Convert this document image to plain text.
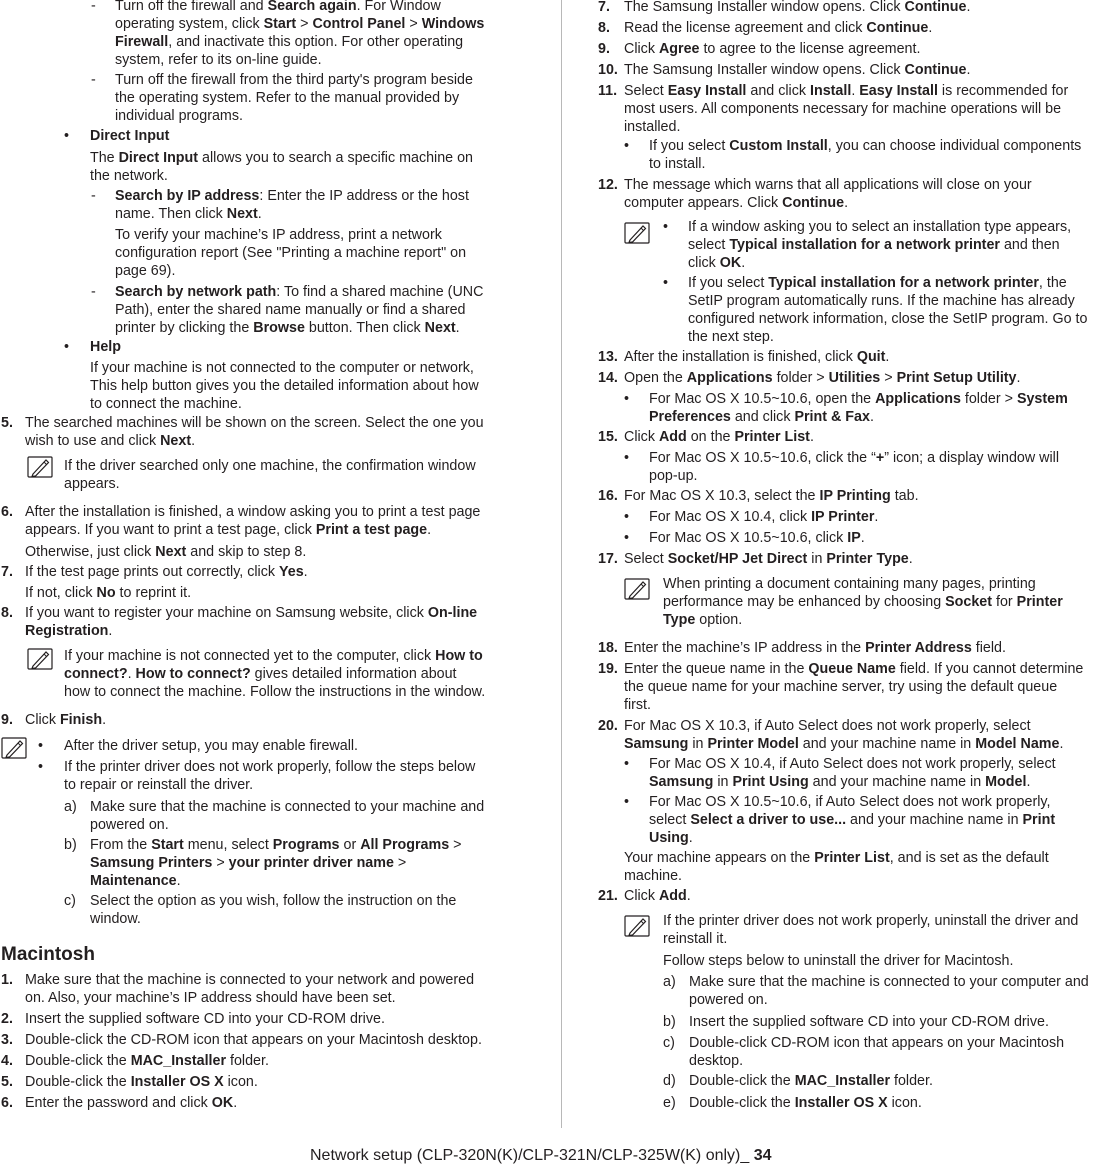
- Turn off the firewall and Search again. For Window
operating system, click Start > Control Panel > Windows
Firewall, and inactivate this option. For other operating
system, refer to its on-line guide.
- Turn off the firewall from the third party's program beside
the operating system. Refer to the manual provided by
individual programs.
• Direct Input
The Direct Input allows you to search a specific machine on
the network.
- Search by IP address: Enter the IP address or the host
name. Then click Next.
To verify your machine’s IP address, print a network
configuration report (See "Printing a machine report" on
page 69).
- Search by network path: To find a shared machine (UNC
Path), enter the shared name manually or find a shared
printer by clicking the Browse button. Then click Next.
• Help
If your machine is not connected to the computer or network,
This help button gives you the detailed information about how
to connect the machine.
5. The searched machines will be shown on the screen. Select the one you
wish to use and click Next.
If the driver searched only one machine, the confirmation window
appears.
6. After the installation is finished, a window asking you to print a test page
appears. If you want to print a test page, click Print a test page.
Otherwise, just click Next and skip to step 8.
7. If the test page prints out correctly, click Yes.
If not, click No to reprint it.
8. If you want to register your machine on Samsung website, click On-line
Registration.
If your machine is not connected yet to the computer, click How to
connect?. How to connect? gives detailed information about
how to connect the machine. Follow the instructions in the window.
9. Click Finish.
• After the driver setup, you may enable firewall.
• If the printer driver does not work properly, follow the steps below
to repair or reinstall the driver.
a) Make sure that the machine is connected to your machine and
powered on.
b) From the Start menu, select Programs or All Programs >
Samsung Printers > your printer driver name >
Maintenance.
c) Select the option as you wish, follow the instruction on the
window.
Macintosh
1. Make sure that the machine is connected to your network and powered
on. Also, your machine’s IP address should have been set.
2. Insert the supplied software CD into your CD-ROM drive.
3. Double-click the CD-ROM icon that appears on your Macintosh desktop.
4. Double-click the MAC_Installer folder.
5. Double-click the Installer OS X icon.
6. Enter the password and click OK.
7. The Samsung Installer window opens. Click Continue.
8. Read the license agreement and click Continue.
9. Click Agree to agree to the license agreement.
10. The Samsung Installer window opens. Click Continue.
11. Select Easy Install and click Install. Easy Install is recommended for
most users. All components necessary for machine operations will be
installed.
• If you select Custom Install, you can choose individual components
to install.
12. The message which warns that all applications will close on your
computer appears. Click Continue.
• If a window asking you to select an installation type appears,
select Typical installation for a network printer and then
click OK.
• If you select Typical installation for a network printer, the
SetIP program automatically runs. If the machine has already
configured network information, close the SetIP program. Go to
the next step.
13. After the installation is finished, click Quit.
14. Open the Applications folder > Utilities > Print Setup Utility.
• For Mac OS X 10.5~10.6, open the Applications folder > System
Preferences and click Print & Fax.
15. Click Add on the Printer List.
• For Mac OS X 10.5~10.6, click the “+” icon; a display window will
pop-up.
16. For Mac OS X 10.3, select the IP Printing tab.
• For Mac OS X 10.4, click IP Printer.
• For Mac OS X 10.5~10.6, click IP.
17. Select Socket/HP Jet Direct in Printer Type.
When printing a document containing many pages, printing
performance may be enhanced by choosing Socket for Printer
Type option.
18. Enter the machine’s IP address in the Printer Address field.
19. Enter the queue name in the Queue Name field. If you cannot determine
the queue name for your machine server, try using the default queue
first.
20. For Mac OS X 10.3, if Auto Select does not work properly, select
Samsung in Printer Model and your machine name in Model Name.
• For Mac OS X 10.4, if Auto Select does not work properly, select
Samsung in Print Using and your machine name in Model.
• For Mac OS X 10.5~10.6, if Auto Select does not work properly,
select Select a driver to use... and your machine name in Print
Using.
Your machine appears on the Printer List, and is set as the default
machine.
21. Click Add.
If the printer driver does not work properly, uninstall the driver and
reinstall it.
Follow steps below to uninstall the driver for Macintosh.
a) Make sure that the machine is connected to your computer and
powered on.
b) Insert the supplied software CD into your CD-ROM drive.
c) Double-click CD-ROM icon that appears on your Macintosh
desktop.
d) Double-click the MAC_Installer folder.
e) Double-click the Installer OS X icon.
Network setup (CLP-320N(K)/CLP-321N/CLP-325W(K) only)_ 34
